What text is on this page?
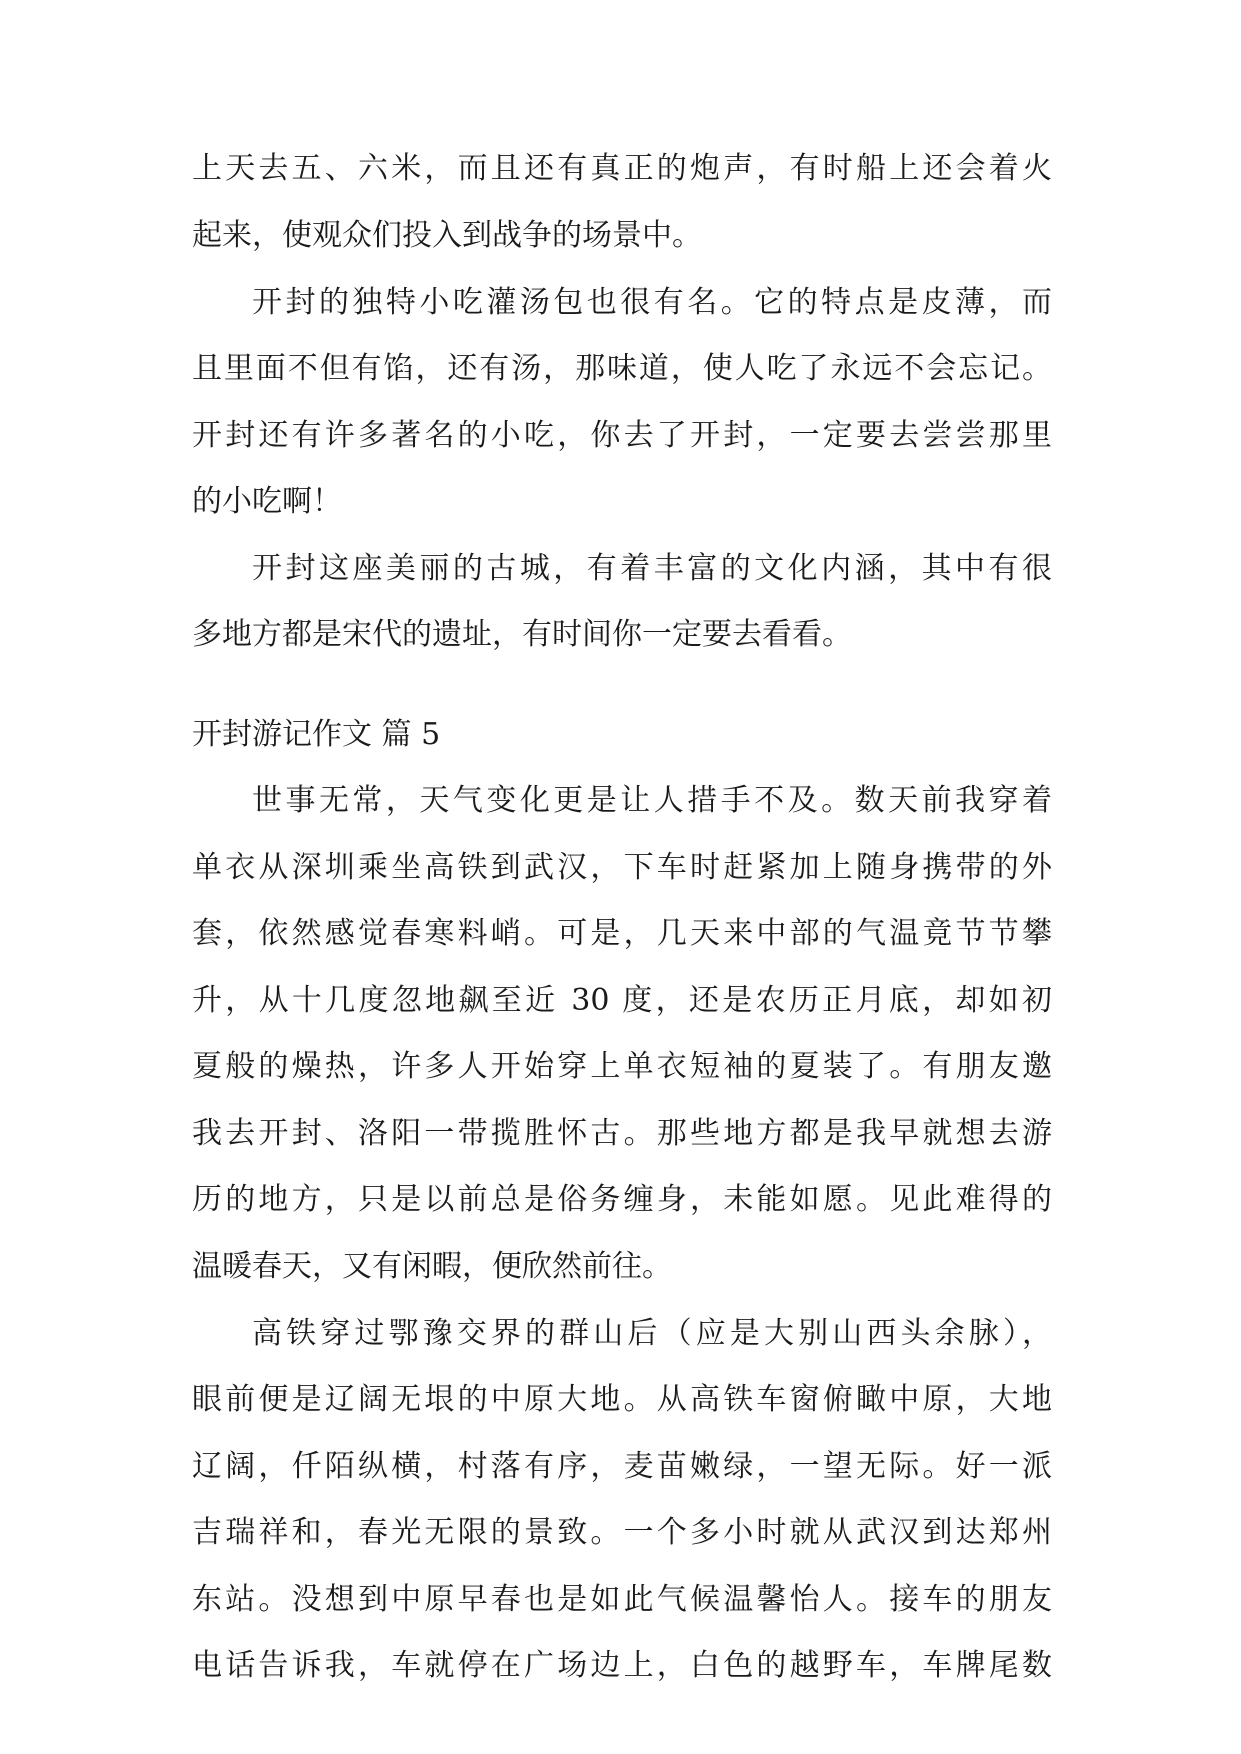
上天去五、六米，而且还有真正的炮声，有时船上还会着火
起来，使观众们投入到战争的场景中。
开封的独特小吃灌汤包也很有名。它的特点是皮薄，而
且里面不但有馅，还有汤，那味道，使人吃了永远不会忘记。
开封还有许多著名的小吃，你去了开封，一定要去尝尝那里
的小吃啊！
开封这座美丽的古城，有着丰富的文化内涵，其中有很
多地方都是宋代的遗址，有时间你一定要去看看。
开封游记作文 篇 5
世事无常，天气变化更是让人措手不及。数天前我穿着
单衣从深圳乘坐高铁到武汉，下车时赶紧加上随身携带的外
套，依然感觉春寒料峭。可是，几天来中部的气温竟节节攀
升，从十几度忽地飙至近 30 度，还是农历正月底，却如初
夏般的燥热，许多人开始穿上单衣短袖的夏装了。有朋友邀
我去开封、洛阳一带揽胜怀古。那些地方都是我早就想去游
历的地方，只是以前总是俗务缠身，未能如愿。见此难得的
温暖春天，又有闲暇，便欣然前往。
高铁穿过鄂豫交界的群山后（应是大别山西头余脉），
眼前便是辽阔无垠的中原大地。从高铁车窗俯瞰中原，大地
辽阔，仟陌纵横，村落有序，麦苗嫩绿，一望无际。好一派
吉瑞祥和，春光无限的景致。一个多小时就从武汉到达郑州
东站。没想到中原早春也是如此气候温馨怡人。接车的朋友
电话告诉我，车就停在广场边上，白色的越野车，车牌尾数
